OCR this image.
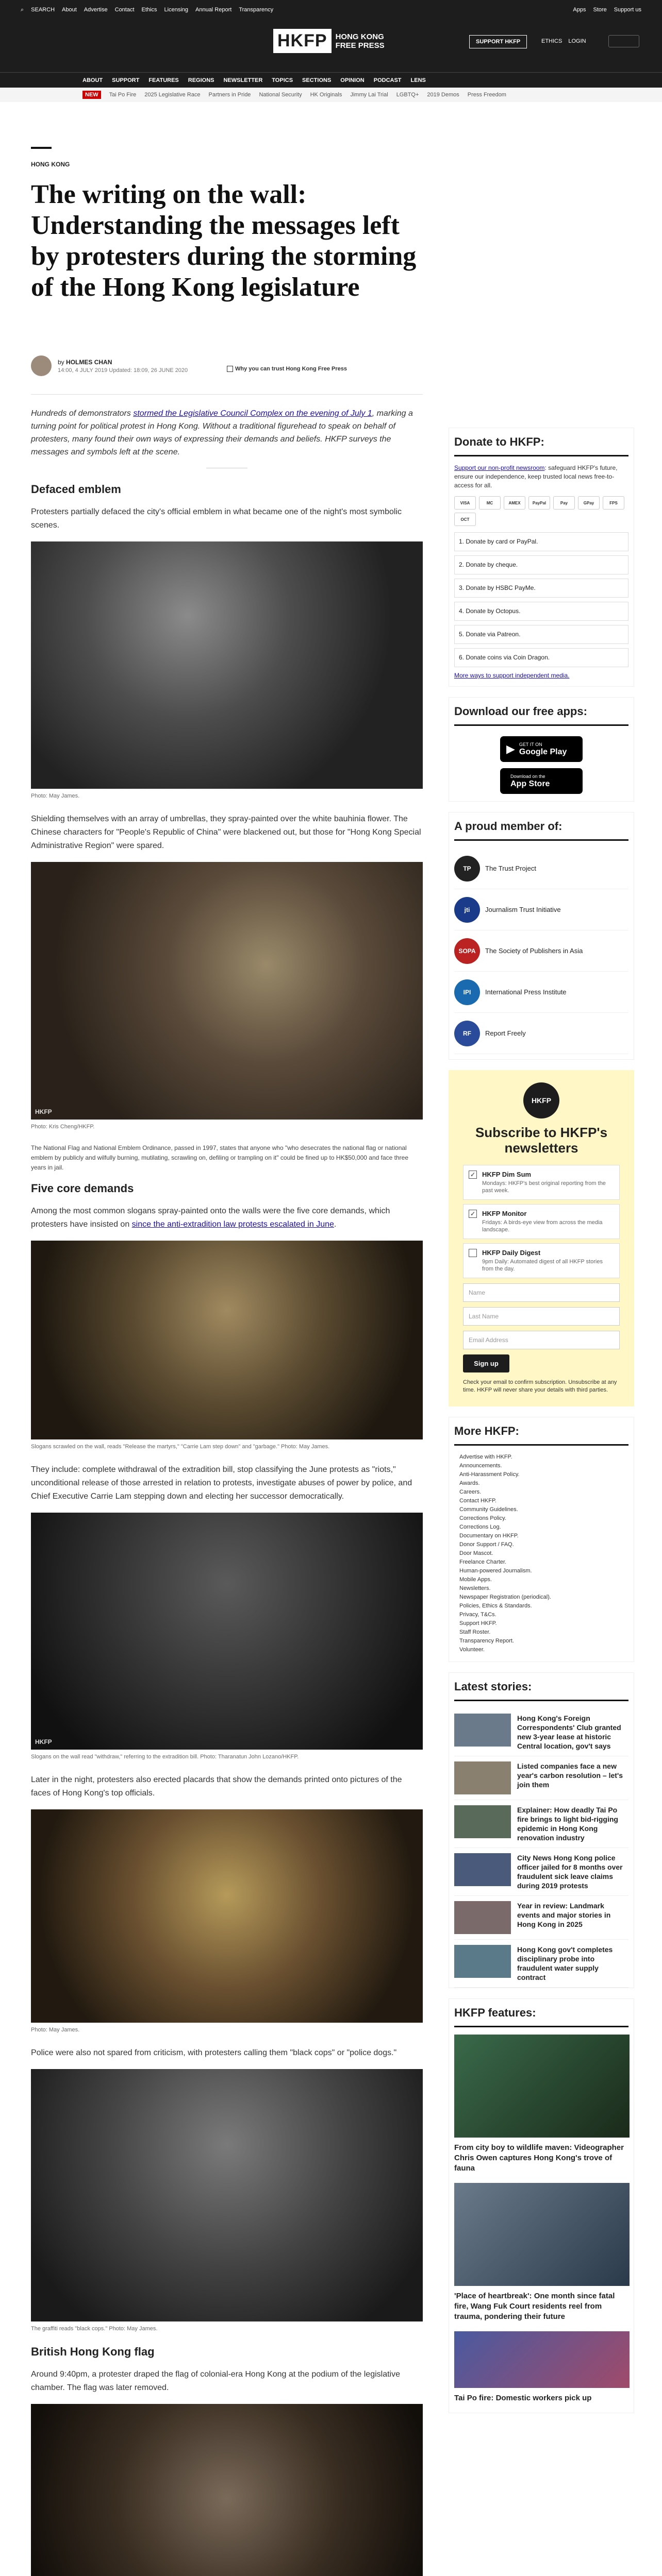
⌕ SEARCH About Advertise Contact Ethics Licensing Annual Report Transparency	Apps Store Support us
HKFP	HONG KONG FREE PRESS	SUPPORT HKFP	ETHICS LOGIN
ABOUT SUPPORT FEATURES REGIONS NEWSLETTER TOPICS SECTIONS OPINION PODCAST LENS
NEW	Tai Po Fire 2025 Legislative Race Partners in Pride National Security HK Originals Jimmy Lai Trial LGBTQ+ 2019 Demos Press Freedom
HONG KONG
The writing on the wall: Understanding the messages left by protesters during the storming of the Hong Kong legislature
by HOLMES CHAN
14:00, 4 JULY 2019 Updated: 18:09, 26 JUNE 2020	Why you can trust Hong Kong Free Press

Hundreds of demonstrators stormed the Legislative Council Complex on the evening of July 1, marking a turning point for political protest in Hong Kong. Without a traditional figurehead to speak on behalf of protesters, many found their own ways of expressing their demands and beliefs. HKFP surveys the messages and symbols left at the scene.

Defaced emblem

Protesters partially defaced the city's official emblem in what became one of the night's most symbolic scenes.

Photo: May James.

Shielding themselves with an array of umbrellas, they spray-painted over the white bauhinia flower. The Chinese characters for "People's Republic of China" were blackened out, but those for "Hong Kong Special Administrative Region" were spared.

HKFP
Photo: Kris Cheng/HKFP.

The National Flag and National Emblem Ordinance, passed in 1997, states that anyone who "who desecrates the national flag or national emblem by publicly and wilfully burning, mutilating, scrawling on, defiling or trampling on it" could be fined up to HK$50,000 and face three years in jail.

Five core demands

Among the most common slogans spray-painted onto the walls were the five core demands, which protesters have insisted on since the anti-extradition law protests escalated in June.

Slogans scrawled on the wall, reads "Release the martyrs," "Carrie Lam step down" and "garbage." Photo: May James.

They include: complete withdrawal of the extradition bill, stop classifying the June protests as "riots," unconditional release of those arrested in relation to protests, investigate abuses of power by police, and Chief Executive Carrie Lam stepping down and electing her successor democratically.

HKFP
Slogans on the wall read "withdraw," referring to the extradition bill. Photo: Tharanatun John Lozano/HKFP.

Later in the night, protesters also erected placards that show the demands printed onto pictures of the faces of Hong Kong's top officials.

Photo: May James.

Police were also not spared from criticism, with protesters calling them "black cops" or "police dogs."

The graffiti reads "black cops." Photo: May James.
British Hong Kong flag

Around 9:40pm, a protester draped the flag of colonial-era Hong Kong at the podium of the legislative chamber. The flag was later removed.

Donate to HKFP:
Support our non-profit newsroom: safeguard HKFP's future, ensure our independence, keep trusted local news free-to-access for all.
VISA	MC	AMEX	PayPal	Pay	GPay	FPS
OCT
1. Donate by card or PayPal.
2. Donate by cheque.
3. Donate by HSBC PayMe.
4. Donate by Octopus.
5. Donate via Patreon.
6. Donate coins via Coin Dragon.
More ways to support independent media.
Download our free apps:
▶ GET IT ON
Google Play
Download on the
App Store
A proud member of:
TP	The Trust Project
jti	Journalism Trust Initiative
SOPA	The Society of Publishers in Asia
IPI	International Press Institute
RF	Report Freely
HKFP
Subscribe to HKFP's newsletters
✓ HKFP Dim Sum
Mondays: HKFP's best original reporting from the past week.
✓ HKFP Monitor
Fridays: A birds-eye view from across the media landscape.
HKFP Daily Digest
9pm Daily: Automated digest of all HKFP stories from the day.
Name
Last Name
Email Address
Sign up
Check your email to confirm subscription. Unsubscribe at any time. HKFP will never share your details with third parties.
More HKFP:
Advertise with HKFP.
Announcements.
Anti-Harassment Policy.
Awards.
Careers.
Contact HKFP.
Community Guidelines.
Corrections Policy.
Corrections Log.
Documentary on HKFP.
Donor Support / FAQ.
Door Mascot.
Freelance Charter.
Human-powered Journalism.
Mobile Apps.
Newsletters.
Newspaper Registration (periodical).
Policies, Ethics & Standards.
Privacy, T&Cs.
Support HKFP.
Staff Roster.
Transparency Report.
Volunteer.
Latest stories:
Hong Kong's Foreign Correspondents' Club granted new 3-year lease at historic Central location, gov't says
Listed companies face a new year's carbon resolution – let's join them
Explainer: How deadly Tai Po fire brings to light bid-rigging epidemic in Hong Kong renovation industry
City News Hong Kong police officer jailed for 8 months over fraudulent sick leave claims during 2019 protests
Year in review: Landmark events and major stories in Hong Kong in 2025
Hong Kong gov't completes disciplinary probe into fraudulent water supply contract
HKFP features:
From city boy to wildlife maven: Videographer Chris Owen captures Hong Kong's trove of fauna
'Place of heartbreak': One month since fatal fire, Wang Fuk Court residents reel from trauma, pondering their future
Tai Po fire: Domestic workers pick up
